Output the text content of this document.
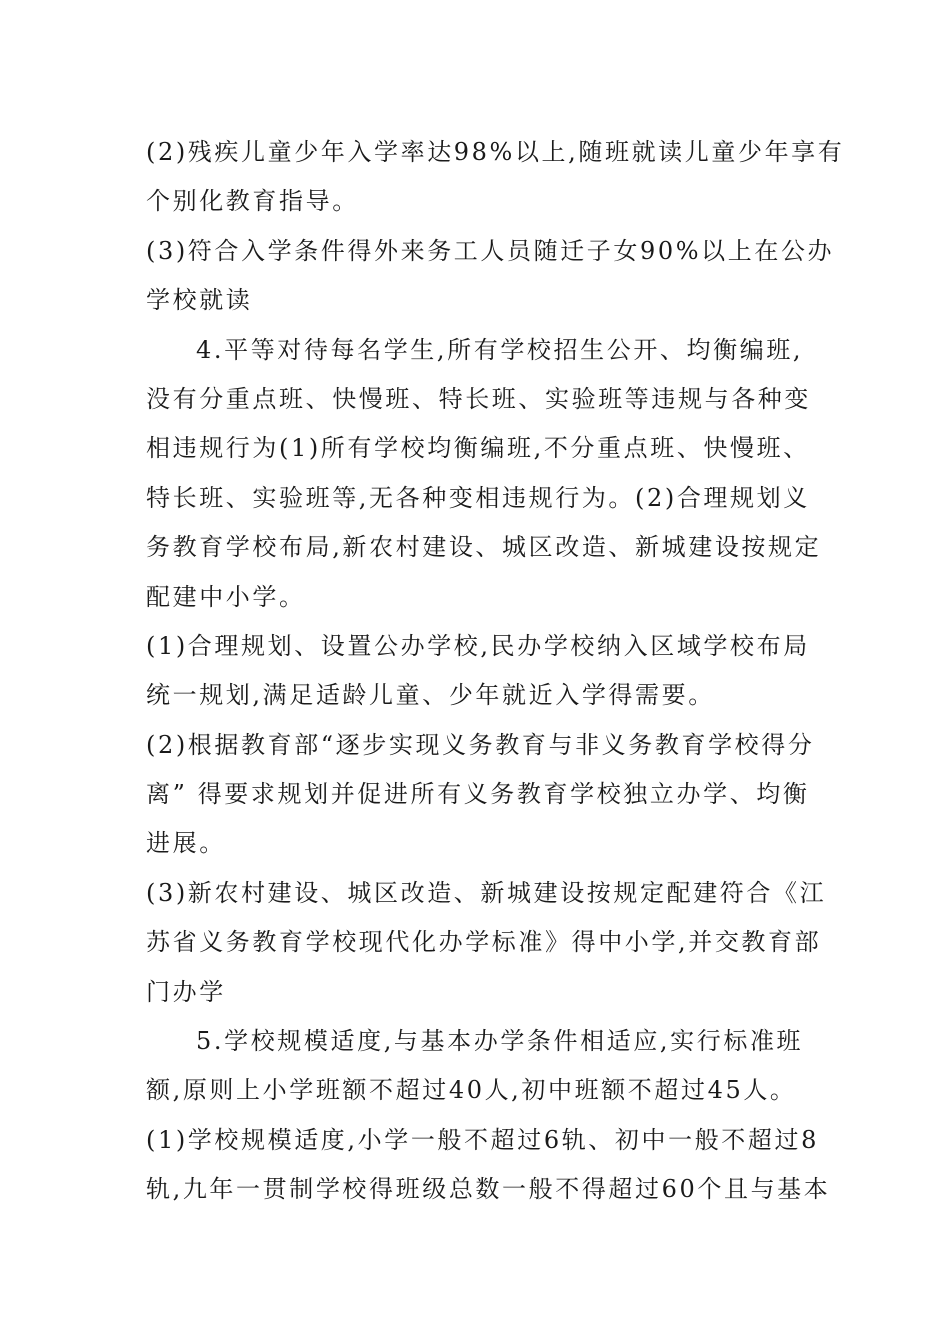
(2)残疾儿童少年入学率达98%以上,随班就读儿童少年享有
个别化教育指导。
(3)符合入学条件得外来务工人员随迁子女90%以上在公办
学校就读
4.平等对待每名学生,所有学校招生公开、均衡编班,
没有分重点班、快慢班、特长班、实验班等违规与各种变
相违规行为(1)所有学校均衡编班,不分重点班、快慢班、
特长班、实验班等,无各种变相违规行为。(2)合理规划义
务教育学校布局,新农村建设、城区改造、新城建设按规定
配建中小学。
(1)合理规划、设置公办学校,民办学校纳入区域学校布局
统一规划,满足适龄儿童、少年就近入学得需要。
(2)根据教育部“逐步实现义务教育与非义务教育学校得分
离” 得要求规划并促进所有义务教育学校独立办学、均衡
进展。
(3)新农村建设、城区改造、新城建设按规定配建符合《江
苏省义务教育学校现代化办学标准》得中小学,并交教育部
门办学
5.学校规模适度,与基本办学条件相适应,实行标准班
额,原则上小学班额不超过40人,初中班额不超过45人。
(1)学校规模适度,小学一般不超过6轨、初中一般不超过8
轨,九年一贯制学校得班级总数一般不得超过60个且与基本
